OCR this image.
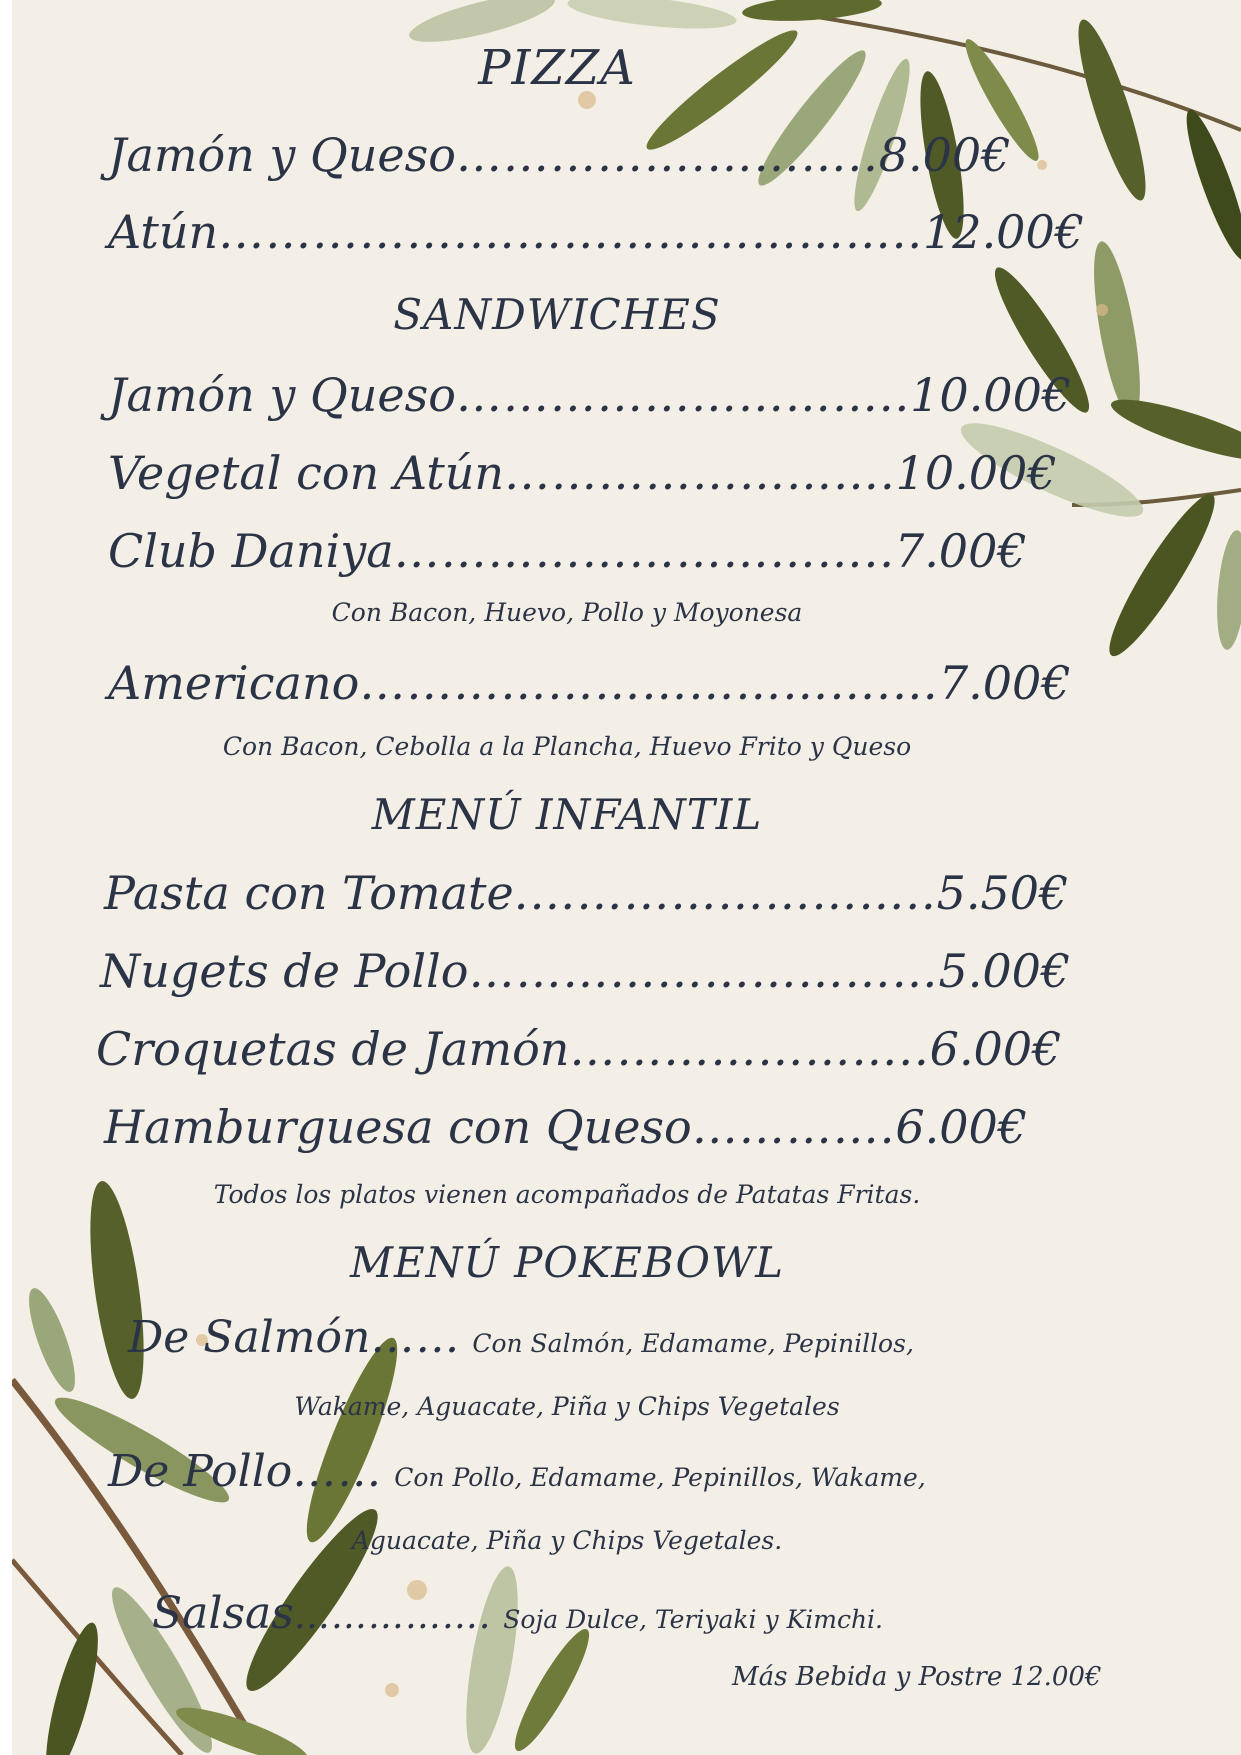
PIZZA
Jamón y Queso…………….………..8.00€
Atún…………….………………………..12.00€
SANDWICHES
Jamón y Queso………………………..10.00€
Vegetal con Atún…………………….10.00€
Club Daniya…………………………..7.00€
Con Bacon, Huevo, Pollo y Moyonesa
Americano…………………………….…7.00€
Con Bacon, Cebolla a la Plancha, Huevo Frito y Queso
MENÚ INFANTIL
Pasta con Tomate.……………………..5.50€
Nugets de Pollo…………………………5.00€
Croquetas de Jamón…………………..6.00€
Hamburguesa con Queso………….6.00€
Todos los platos vienen acompañados de Patatas Fritas.
MENÚ POKEBOWL
De Salmón…… Con Salmón, Edamame, Pepinillos,
Wakame, Aguacate, Piña y Chips Vegetales
De Pollo…… Con Pollo, Edamame, Pepinillos, Wakame,
Aguacate, Piña y Chips Vegetales.
Salsas……………. Soja Dulce, Teriyaki y Kimchi.
Más Bebida y Postre 12.00€
